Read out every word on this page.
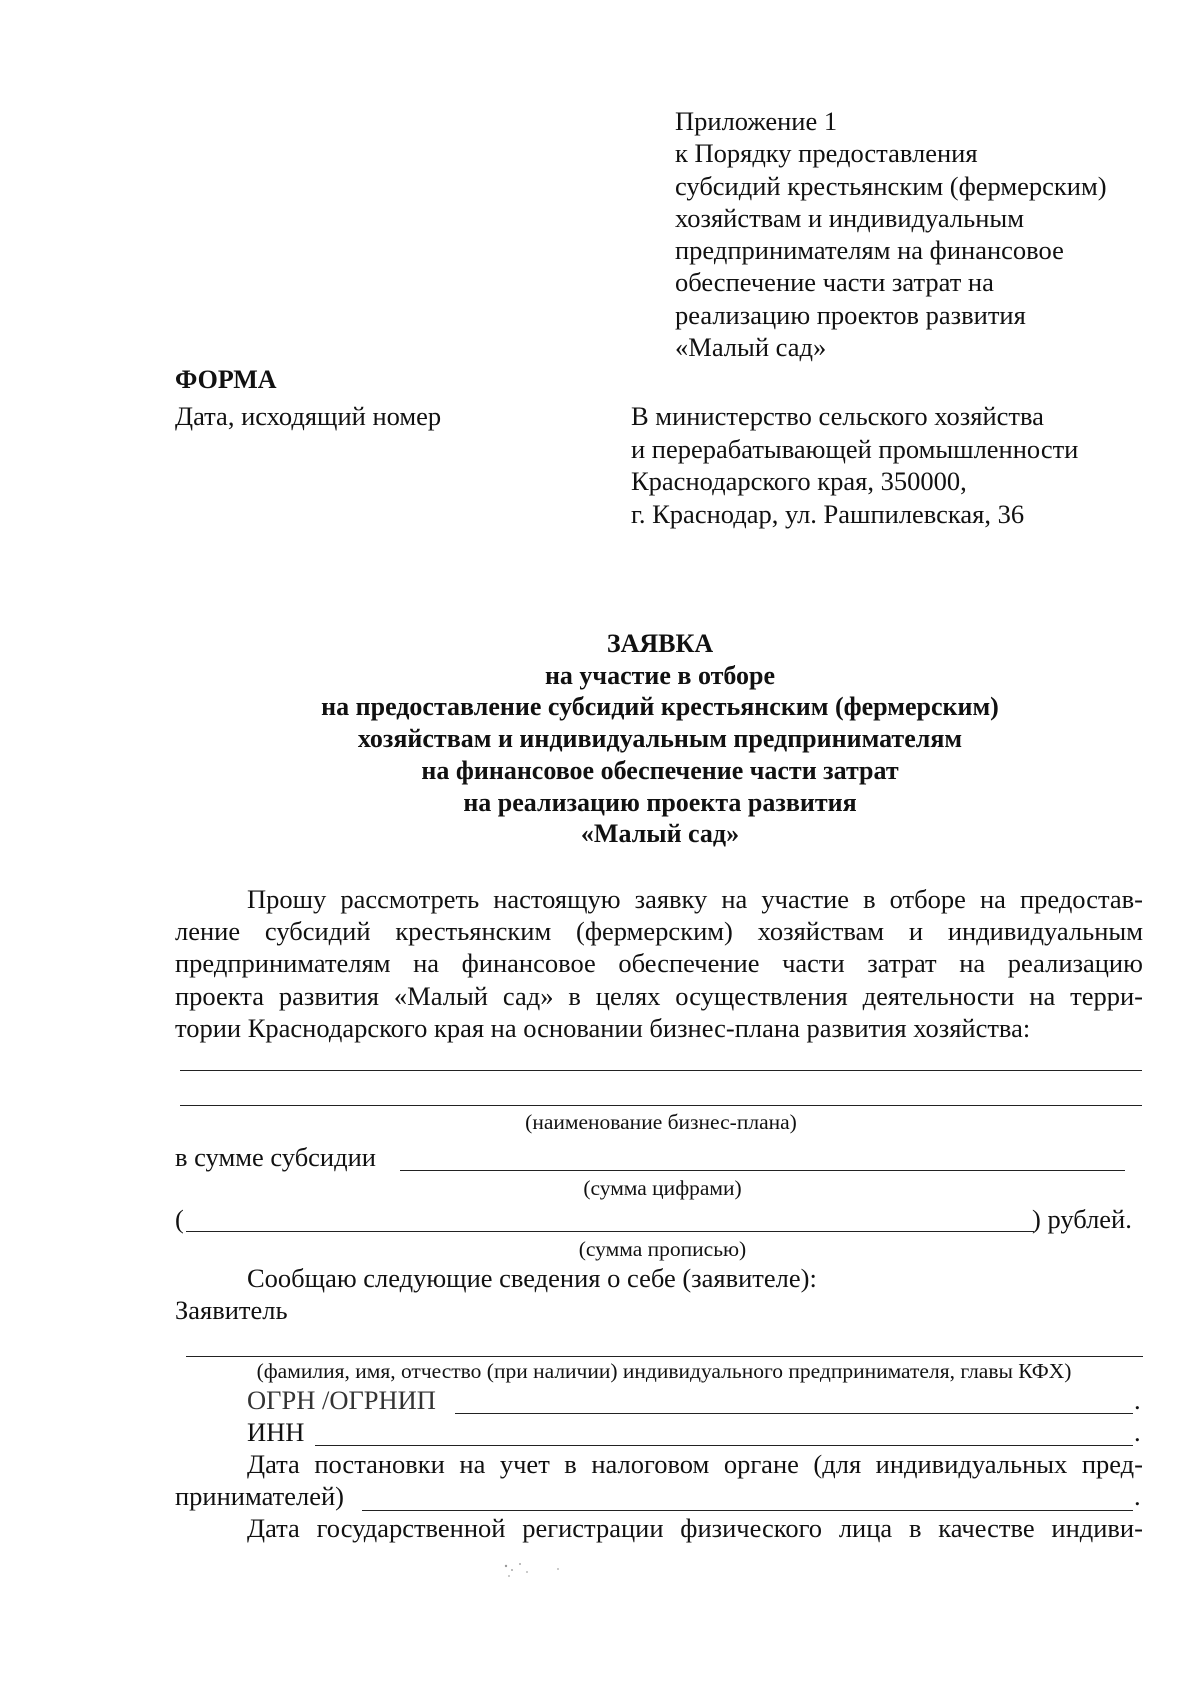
Приложение 1
к Порядку предоставления
субсидий крестьянским (фермерским)
хозяйствам и индивидуальным
предпринимателям на финансовое
обеспечение части затрат на
реализацию проектов развития
«Малый сад»
ФОРМА
Дата, исходящий номер	В министерство сельского хозяйства
и перерабатывающей промышленности
Краснодарского края, 350000,
г. Краснодар, ул. Рашпилевская, 36
ЗАЯВКА
на участие в отборе
на предоставление субсидий крестьянским (фермерским)
хозяйствам и индивидуальным предпринимателям
на финансовое обеспечение части затрат
на реализацию проекта развития
«Малый сад»
Прошу рассмотреть настоящую заявку на участие в отборе на предостав-
ление субсидий крестьянским (фермерским) хозяйствам и индивидуальным
предпринимателям на финансовое обеспечение части затрат на реализацию
проекта развития «Малый сад» в целях осуществления деятельности на терри-
тории Краснодарского края на основании бизнес-плана развития хозяйства:
(наименование бизнес-плана)
в сумме субсидии
(сумма цифрами)
(	) рублей.
(сумма прописью)
Сообщаю следующие сведения о себе (заявителе):
Заявитель
(фамилия, имя, отчество (при наличии) индивидуального предпринимателя, главы КФХ)
ОГРН /ОГРНИП	.
ИНН	.
Дата постановки на учет в налоговом органе (для индивидуальных пред-
принимателей)	.
Дата государственной регистрации физического лица в качестве индиви-
